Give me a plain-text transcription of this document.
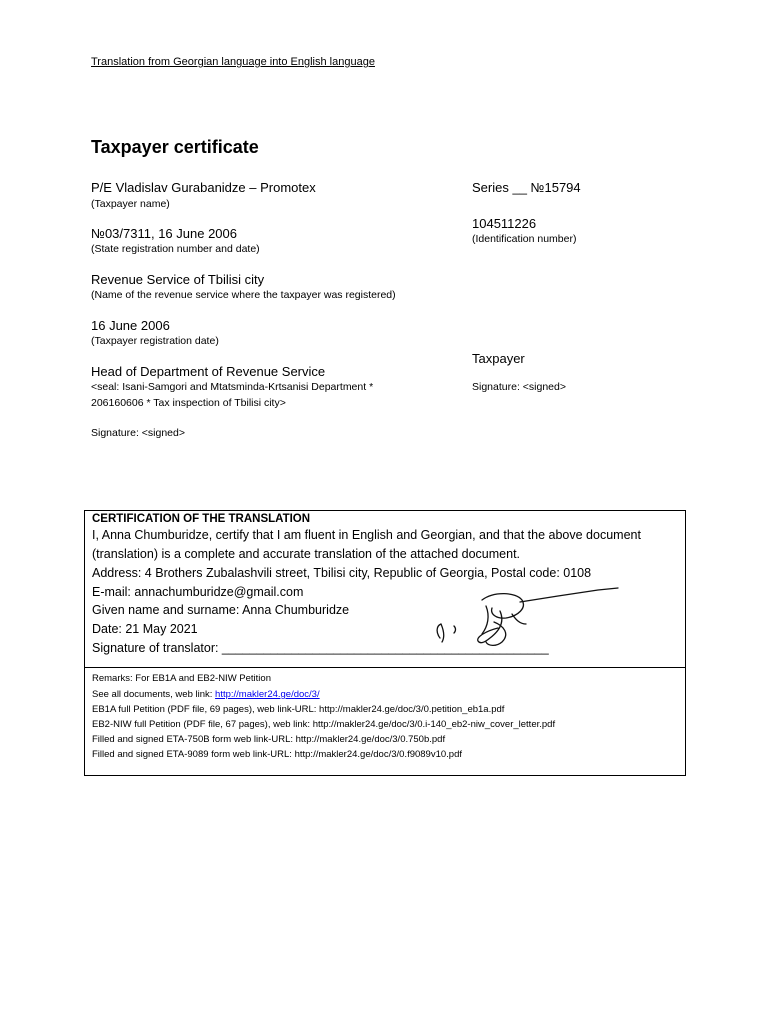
Translation from Georgian language into English language
Taxpayer certificate
P/E Vladislav Gurabanidze – Promotex
(Taxpayer name)
№03/7311, 16 June 2006
(State registration number and date)
Revenue Service of Tbilisi city
(Name of the revenue service where the taxpayer was registered)
16 June 2006
(Taxpayer registration date)
Head of Department of Revenue Service
<seal: Isani-Samgori and Mtatsminda-Krtsanisi Department *
206160606 * Tax inspection of Tbilisi city>
Signature: <signed>
Series __ №15794
104511226
(Identification number)
Taxpayer
Signature: <signed>
CERTIFICATION OF THE TRANSLATION
I, Anna Chumburidze, certify that I am fluent in English and Georgian, and that the above document
(translation) is a complete and accurate translation of the attached document.
Address: 4 Brothers Zubalashvili street, Tbilisi city, Republic of Georgia, Postal code: 0108
E-mail: annachumburidze@gmail.com
Given name and surname: Anna Chumburidze
Date: 21 May 2021
Signature of translator: _______________________________________________
Remarks: For EB1A and EB2-NIW Petition
See all documents, web link: http://makler24.ge/doc/3/
EB1A full Petition (PDF file, 69 pages), web link-URL: http://makler24.ge/doc/3/0.petition_eb1a.pdf
EB2-NIW full Petition (PDF file, 67 pages), web link: http://makler24.ge/doc/3/0.i-140_eb2-niw_cover_letter.pdf
Filled and signed ETA-750B form web link-URL: http://makler24.ge/doc/3/0.750b.pdf
Filled and signed ETA-9089 form web link-URL: http://makler24.ge/doc/3/0.f9089v10.pdf
